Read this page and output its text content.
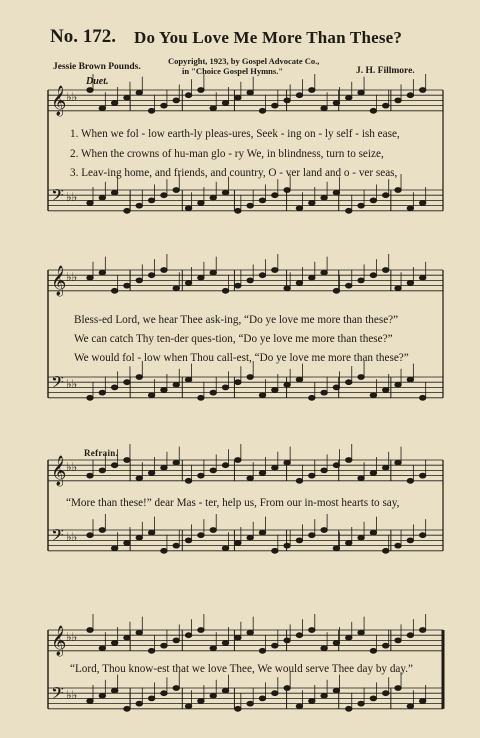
No. 172. Do You Love Me More Than These?
Copyright, 1923, by Gospel Advocate Co.,
in "Choice Gospel Hymns."
Jessie Brown Pounds.	J. H. Fillmore.
Duet.
𝄞 ♭♭
𝄢 ♭♭
𝄞 ♭♭
𝄢 ♭♭
𝄞 ♭♭
𝄢 ♭♭
𝄞 ♭♭
𝄢 ♭♭
1. When we fol - low earth-ly pleas-ures, Seek - ing on - ly self - ish ease,
2. When the crowns of hu-man glo - ry We, in blindness, turn to seize,
3. Leav-ing home, and friends, and country, O - ver land and o - ver seas,
Bless-ed Lord, we hear Thee ask-ing, “Do ye love me more than these?”
We can catch Thy ten-der ques-tion, “Do ye love me more than these?”
We would fol - low when Thou call-est, “Do ye love me more than these?”
Refrain.
“More than these!” dear Mas - ter, help us, From our in-most hearts to say,
“Lord, Thou know-est that we love Thee, We would serve Thee day by day.”
